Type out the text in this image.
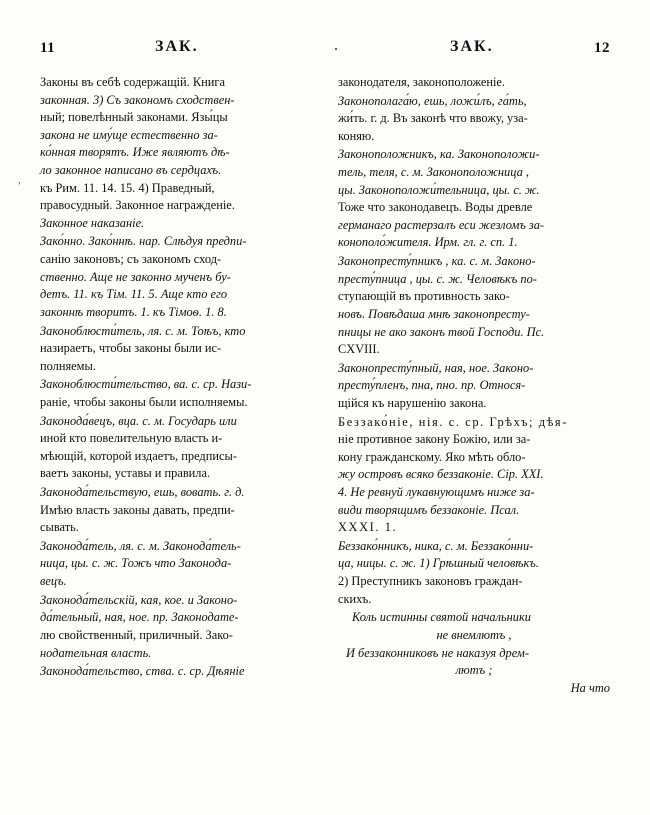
11	ЗАК.	ЗАК.	12
,
Законы въ себѣ содержащій. Книга
законная. 3) Съ закономъ сходствен-
ный; повелѣнный законами. Язы́цы
закона не иму́ще естественно за-
ко́нная творятъ. Иже являютъ дѣ-
ло законное написано въ сердцахъ.
къ Рим. 11. 14. 15. 4) Праведный,
правосудный. Законное награжденіе.
Законное наказаніе.
Зако́нно. Зако́ннѣ. нар. Слѣдуя предпи-
санію законовъ; съ закономъ сход-
ственно. Аще не законно мученъ бу-
детъ. 11. къ Тім. 11. 5. Аще кто его
законнѣ творитъ. 1. къ Тімоѳ. 1. 8.
Законоблюсти́тель, ля. с. м. Тоѣъ, кто
назираетъ, чтобы законы были ис-
полняемы.
Законоблюсти́тельство, ва. с. ср. Нази-
раніе, чтобы законы были исполняемы.
Законода́вецъ, вца. с. м. Государь или
иной кто повелительную власть и-
мѣющій, которой издаетъ, предписы-
ваетъ законы, уставы и правила.
Законода́тельствую, ешь, вовать. г. д.
Имѣю власть законы давать, предпи-
сывать.
Законода́тель, ля. с. м. Законода́тель-
ница, цы. с. ж. Тожъ что Законода-
вецъ.
Законода́тельскій, кая, кое. и Законо-
да́тельный, ная, ное. пр. Законодате-
лю свойственный, приличный. Зако-
нодательная власть.
Законода́тельство, ства. с. ср. Дѣяніе
законодателя, законоположеніе.
Законополага́ю, ешь, ложи́лъ, га́ть,
жи́ть. г. д. Въ законѣ что ввожу, уза-
коняю.
Законоположникъ, ка. Законоположи-
тель, теля, с. м. Законоположница ,
цы. Законоположи́тельница, цы. с. ж.
Тоже что законодавецъ. Воды древле
германаго растерзалъ еси жезломъ за-
конополо́жителя. Ирм. гл. г. сп. 1.
Законопресту́пникъ , ка. с. м. Законо-
престу́пница , цы. с. ж. Человѣкъ по-
ступающій въ противность зако-
новъ. Повѣдаша мнѣ законопресту-
пницы не ако законъ твой Господи. Пс.
CXVIII.
Законопресту́пный, ная, ное. Законо-
престу́пленъ, пна, пно. пр. Относя-
щійся къ нарушенію закона.
Беззако́ніе, нія. с. ср. Грѣхъ; дѣя-
ніе противное закону Божію, или за-
кону гражданскому. Яко мѣть обло-
жу островъ всяко беззаконіе. Сір. XXI.
4. Не ревнуй лукавнующимъ ниже за-
види творящимъ беззаконіе. Псал.
XXXI. 1.
Беззако́нникъ, ника, с. м. Беззако́нни-
ца, ницы. с. ж. 1) Грѣшный человѣкъ.
2) Преступникъ законовъ граждан-
скихъ.
Коль истинны святой начальники
не внемлютъ ,
И беззаконниковъ не наказуя дрем-
лютъ ;
На что
